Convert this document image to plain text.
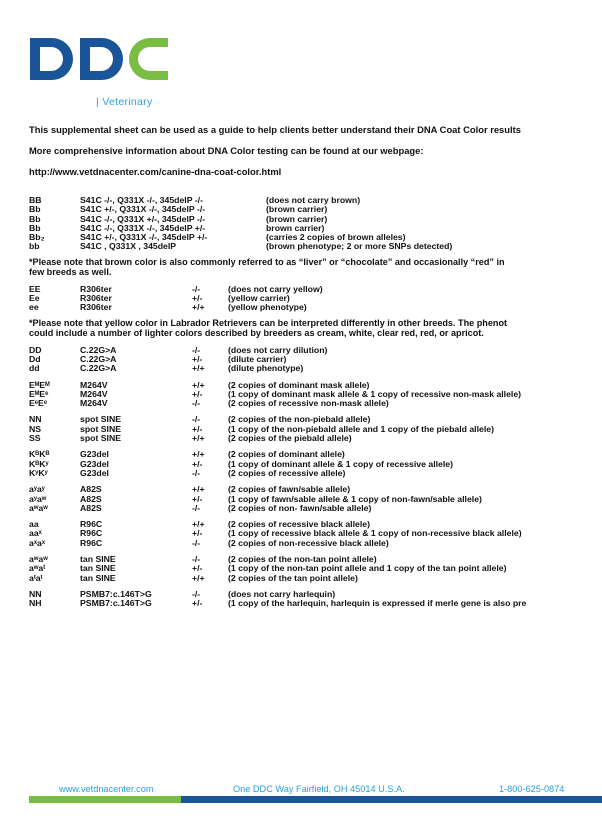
| Veterinary
This supplemental sheet can be used as a guide to help clients better understand their DNA Coat Color results
More comprehensive information about DNA Color testing can be found at our webpage:
http://www.vetdnacenter.com/canine-dna-coat-color.html
BB	S41C -/-, Q331X -/-, 345delP -/-	(does not carry brown)
Bb	S41C +/-, Q331X -/-, 345delP -/-	(brown carrier)
Bb	S41C -/-, Q331X +/-, 345delP -/-	(brown carrier)
Bb	S41C -/-, Q331X -/-, 345delP +/-	brown carrier)
Bb₂	S41C +/-, Q331X -/-, 345delP +/-	(carries 2 copies of brown alleles)
bb	S41C , Q331X , 345delP	(brown phenotype; 2 or more SNPs detected)
*Please note that brown color is also commonly referred to as “liver” or “chocolate” and occasionally “red” in
few breeds as well.
EE	R306ter	-/-	(does not carry yellow)
Ee	R306ter	+/-	(yellow carrier)
ee	R306ter	+/+	(yellow phenotype)
*Please note that yellow color in Labrador Retrievers can be interpreted differently in other breeds. The phenot
could include a number of lighter colors described by breeders as cream, white, clear red, red, or apricot.
DD	C.22G>A	-/-	(does not carry dilution)
Dd	C.22G>A	+/-	(dilute carrier)
dd	C.22G>A	+/+	(dilute phenotype)
EᴹEᴹ	M264V	+/+	(2 copies of dominant mask allele)
EᴹEᵉ	M264V	+/-	(1 copy of dominant mask allele & 1 copy of recessive non-mask allele)
EᵉEᵉ	M264V	-/-	(2 copies of recessive non-mask allele)
NN	spot SINE	-/-	(2 copies of the non-piebald allele)
NS	spot SINE	+/-	(1 copy of the non-piebald allele and 1 copy of the piebald allele)
SS	spot SINE	+/+	(2 copies of the piebald allele)
KᴮKᴮ	G23del	+/+	(2 copies of dominant allele)
KᴮKʸ	G23del	+/-	(1 copy of dominant allele & 1 copy of recessive allele)
KʸKʸ	G23del	-/-	(2 copies of recessive allele)
aʸaʸ	A82S	+/+	(2 copies of fawn/sable allele)
aʸaʷ	A82S	+/-	(1 copy of fawn/sable allele & 1 copy of non-fawn/sable allele)
aʷaʷ	A82S	-/-	(2 copies of non- fawn/sable allele)
aa	R96C	+/+	(2 copies of recessive black allele)
aaˣ	R96C	+/-	(1 copy of recessive black allele & 1 copy of non-recessive black allele)
aˣaˣ	R96C	-/-	(2 copies of non-recessive black allele)
aʷaʷ	tan SINE	-/-	(2 copies of the non-tan point allele)
aʷaᵗ	tan SINE	+/-	(1 copy of the non-tan point allele and 1 copy of the tan point allele)
aᵗaᵗ	tan SINE	+/+	(2 copies of the tan point allele)
NN	PSMB7:c.146T>G	-/-	(does not carry harlequin)
NH	PSMB7:c.146T>G	+/-	(1 copy of the harlequin, harlequin is expressed if merle gene is also pre
www.vetdnacenter.com	One DDC Way Fairfield, OH 45014 U.S.A.	1-800-625-0874
